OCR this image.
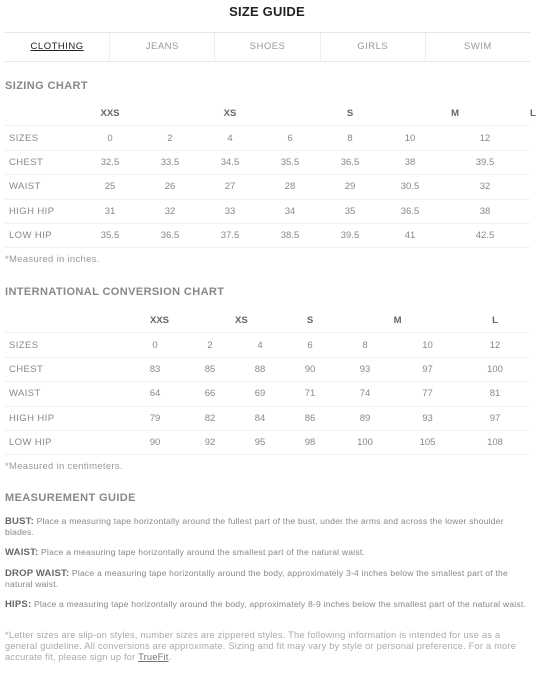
SIZE GUIDE
CLOTHING	JEANS	SHOES	GIRLS	SWIM
SIZING CHART
	XXS		XS		S	M		L
SIZES	0	2	4	6	8	10	12	
CHEST	32.5	33.5	34.5	35.5	36.5	38	39.5	
WAIST	25	26	27	28	29	30.5	32	
HIGH HIP	31	32	33	34	35	36.5	38	
LOW HIP	35.5	36.5	37.5	38.5	39.5	41	42.5	
*Measured in inches.
INTERNATIONAL CONVERSION CHART
	XXS		XS	S	M		L
SIZES	0	2	4	6	8	10	12
CHEST	83	85	88	90	93	97	100
WAIST	64	66	69	71	74	77	81
HIGH HIP	79	82	84	86	89	93	97
LOW HIP	90	92	95	98	100	105	108
*Measured in centimeters.
MEASUREMENT GUIDE
BUST: Place a measuring tape horizontally around the fullest part of the bust, under the arms and across the lower shoulder blades.
WAIST: Place a measuring tape horizontally around the smallest part of the natural waist.
DROP WAIST: Place a measuring tape horizontally around the body, approximately 3-4 inches below the smallest part of the natural waist.
HIPS: Place a measuring tape horizontally around the body, approximately 8-9 inches below the smallest part of the natural waist.
*Letter sizes are slip-on styles, number sizes are zippered styles. The following information is intended for use as a general guideline. All conversions are approximate. Sizing and fit may vary by style or personal preference. For a more accurate fit, please sign up for TrueFit.
